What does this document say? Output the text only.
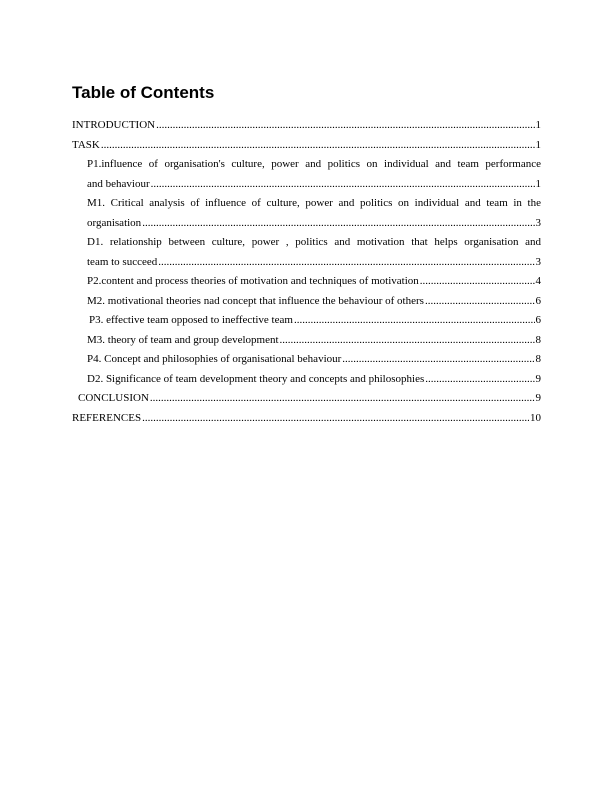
Table of Contents
INTRODUCTION .....	1
TASK .....	1
P1.influence of organisation's culture, power and politics on individual and team performance
and behaviour .....	1
M1. Critical analysis of influence of culture, power and politics on individual and team in the
organisation .....	3
D1. relationship between culture, power , politics and motivation that helps organisation and
team to succeed .....	3
P2.content and process theories of motivation and techniques of motivation .....	4
M2. motivational theories nad concept that influence the behaviour of others .....	6
P3. effective team opposed to ineffective team .....	6
M3. theory of team and group development .....	8
P4. Concept and philosophies of organisational behaviour .....	8
D2. Significance of team development theory and concepts and philosophies .....	9
CONCLUSION .....	9
REFERENCES .....	10
